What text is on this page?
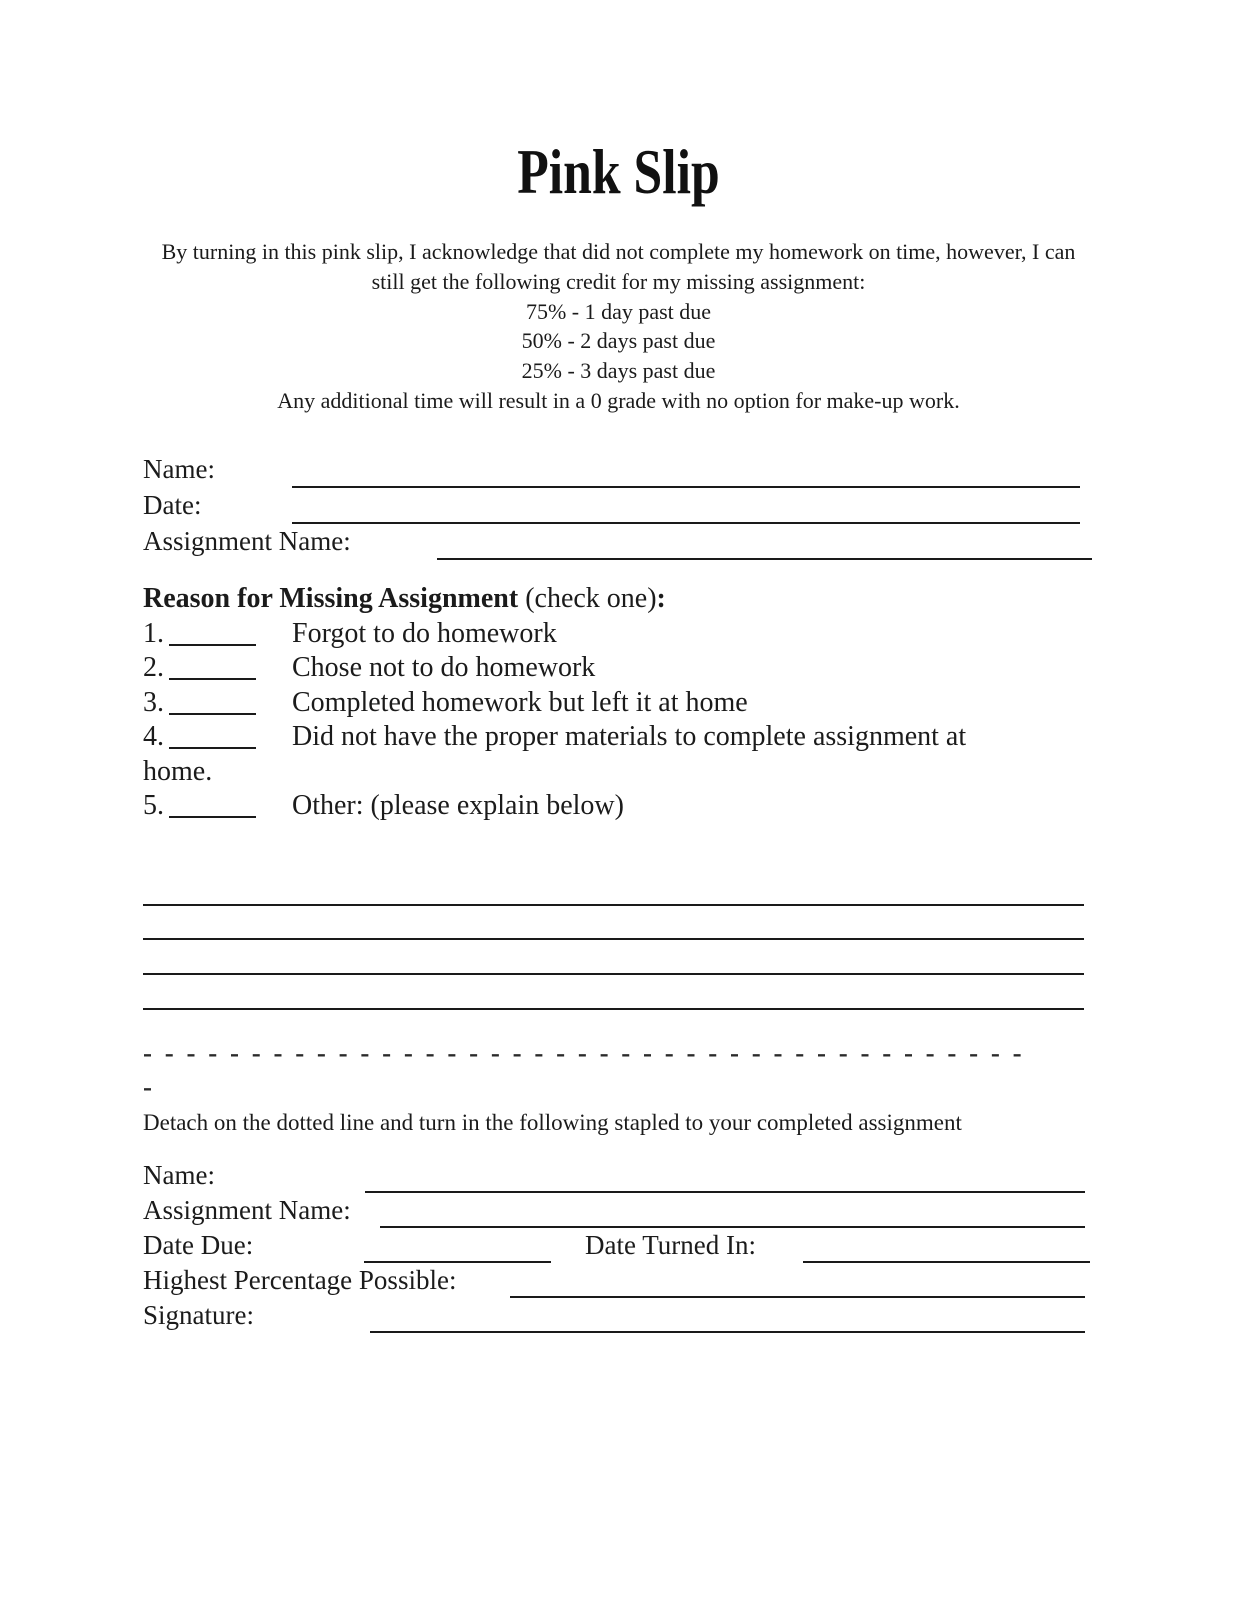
Pink Slip
By turning in this pink slip, I acknowledge that did not complete my homework on time, however, I can
still get the following credit for my missing assignment:
75% - 1 day past due
50% - 2 days past due
25% - 3 days past due
Any additional time will result in a 0 grade with no option for make-up work.
Name:
Date:
Assignment Name:
Reason for Missing Assignment (check one):
1.	Forgot to do homework
2.	Chose not to do homework
3.	Completed homework but left it at home
4.	Did not have the proper materials to complete assignment at
home.
5.	Other: (please explain below)
- - - - - - - - - - - - - - - - - - - - - - - - - - - - - - - - - - - - - - - - -
-
Detach on the dotted line and turn in the following stapled to your completed assignment
Name:
Assignment Name:
Date Due:	Date Turned In:
Highest Percentage Possible:
Signature:
